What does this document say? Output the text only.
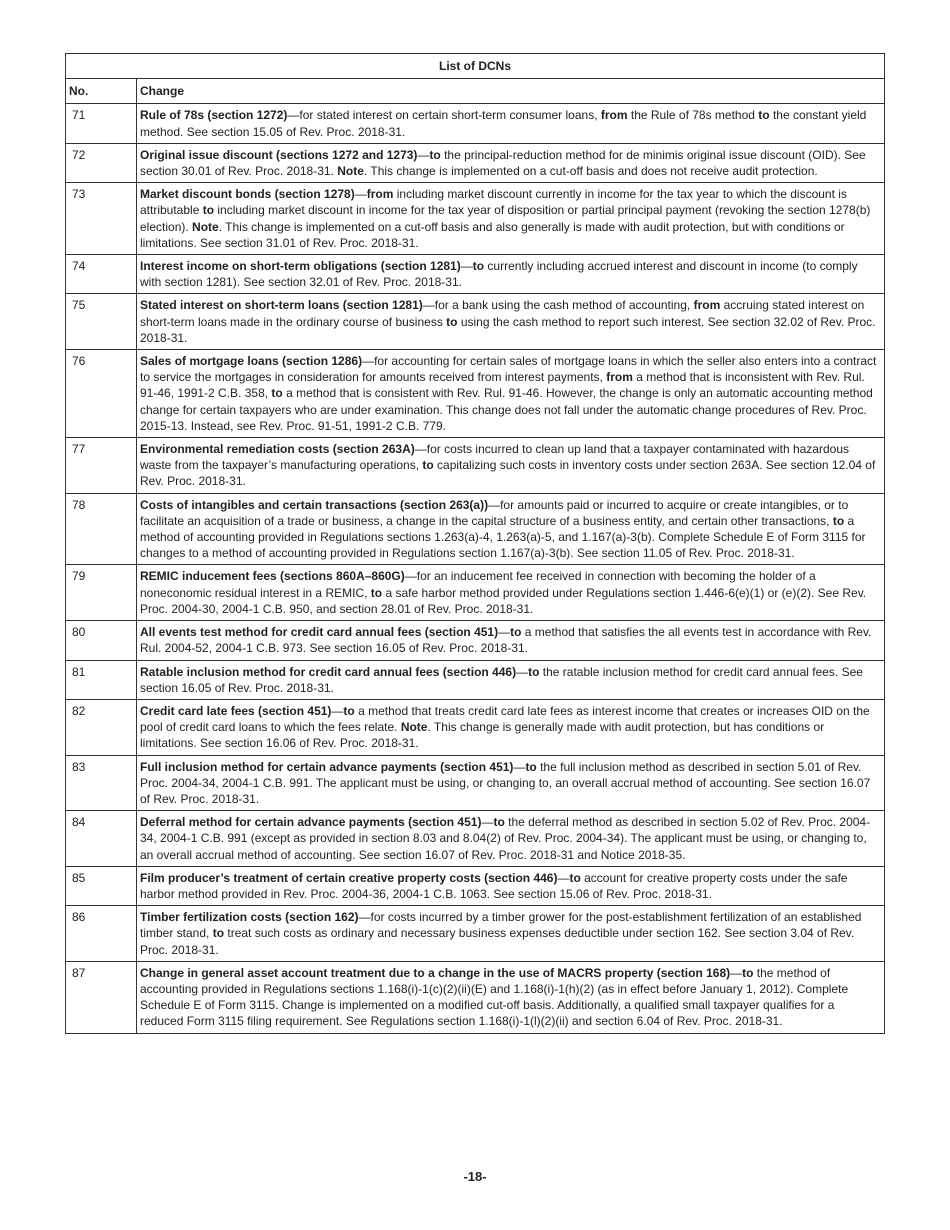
List of DCNs	
No.	Change
71	Rule of 78s (section 1272)—for stated interest on certain short-term consumer loans, from the Rule of 78s method to the constant yield method. See section 15.05 of Rev. Proc. 2018-31.
72	Original issue discount (sections 1272 and 1273)—to the principal-reduction method for de minimis original issue discount (OID). See section 30.01 of Rev. Proc. 2018-31. Note. This change is implemented on a cut-off basis and does not receive audit protection.
73	Market discount bonds (section 1278)—from including market discount currently in income for the tax year to which the discount is attributable to including market discount in income for the tax year of disposition or partial principal payment (revoking the section 1278(b) election). Note. This change is implemented on a cut-off basis and also generally is made with audit protection, but with conditions or limitations. See section 31.01 of Rev. Proc. 2018-31.
74	Interest income on short-term obligations (section 1281)—to currently including accrued interest and discount in income (to comply with section 1281). See section 32.01 of Rev. Proc. 2018-31.
75	Stated interest on short-term loans (section 1281)—for a bank using the cash method of accounting, from accruing stated interest on short-term loans made in the ordinary course of business to using the cash method to report such interest. See section 32.02 of Rev. Proc. 2018-31.
76	Sales of mortgage loans (section 1286)—for accounting for certain sales of mortgage loans in which the seller also enters into a contract to service the mortgages in consideration for amounts received from interest payments, from a method that is inconsistent with Rev. Rul. 91-46, 1991-2 C.B. 358, to a method that is consistent with Rev. Rul. 91-46. However, the change is only an automatic accounting method change for certain taxpayers who are under examination. This change does not fall under the automatic change procedures of Rev. Proc. 2015-13. Instead, see Rev. Proc. 91-51, 1991-2 C.B. 779.
77	Environmental remediation costs (section 263A)—for costs incurred to clean up land that a taxpayer contaminated with hazardous waste from the taxpayer’s manufacturing operations, to capitalizing such costs in inventory costs under section 263A. See section 12.04 of Rev. Proc. 2018-31.
78	Costs of intangibles and certain transactions (section 263(a))—for amounts paid or incurred to acquire or create intangibles, or to facilitate an acquisition of a trade or business, a change in the capital structure of a business entity, and certain other transactions, to a method of accounting provided in Regulations sections 1.263(a)-4, 1.263(a)-5, and 1.167(a)-3(b). Complete Schedule E of Form 3115 for changes to a method of accounting provided in Regulations section 1.167(a)-3(b). See section 11.05 of Rev. Proc. 2018-31.
79	REMIC inducement fees (sections 860A–860G)—for an inducement fee received in connection with becoming the holder of a noneconomic residual interest in a REMIC, to a safe harbor method provided under Regulations section 1.446-6(e)(1) or (e)(2). See Rev. Proc. 2004-30, 2004-1 C.B. 950, and section 28.01 of Rev. Proc. 2018-31.
80	All events test method for credit card annual fees (section 451)—to a method that satisfies the all events test in accordance with Rev. Rul. 2004-52, 2004-1 C.B. 973. See section 16.05 of Rev. Proc. 2018-31.
81	Ratable inclusion method for credit card annual fees (section 446)—to the ratable inclusion method for credit card annual fees. See section 16.05 of Rev. Proc. 2018-31.
82	Credit card late fees (section 451)—to a method that treats credit card late fees as interest income that creates or increases OID on the pool of credit card loans to which the fees relate. Note. This change is generally made with audit protection, but has conditions or limitations. See section 16.06 of Rev. Proc. 2018-31.
83	Full inclusion method for certain advance payments (section 451)—to the full inclusion method as described in section 5.01 of Rev. Proc. 2004-34, 2004-1 C.B. 991. The applicant must be using, or changing to, an overall accrual method of accounting. See section 16.07 of Rev. Proc. 2018-31.
84	Deferral method for certain advance payments (section 451)—to the deferral method as described in section 5.02 of Rev. Proc. 2004-34, 2004-1 C.B. 991 (except as provided in section 8.03 and 8.04(2) of Rev. Proc. 2004-34). The applicant must be using, or changing to, an overall accrual method of accounting. See section 16.07 of Rev. Proc. 2018-31 and Notice 2018-35.
85	Film producer’s treatment of certain creative property costs (section 446)—to account for creative property costs under the safe harbor method provided in Rev. Proc. 2004-36, 2004-1 C.B. 1063. See section 15.06 of Rev. Proc. 2018-31.
86	Timber fertilization costs (section 162)—for costs incurred by a timber grower for the post-establishment fertilization of an established timber stand, to treat such costs as ordinary and necessary business expenses deductible under section 162. See section 3.04 of Rev. Proc. 2018-31.
87	Change in general asset account treatment due to a change in the use of MACRS property (section 168)—to the method of accounting provided in Regulations sections 1.168(i)-1(c)(2)(ii)(E) and 1.168(i)-1(h)(2) (as in effect before January 1, 2012). Complete Schedule E of Form 3115. Change is implemented on a modified cut-off basis. Additionally, a qualified small taxpayer qualifies for a reduced Form 3115 filing requirement. See Regulations section 1.168(i)-1(l)(2)(ii) and section 6.04 of Rev. Proc. 2018-31.
-18-
